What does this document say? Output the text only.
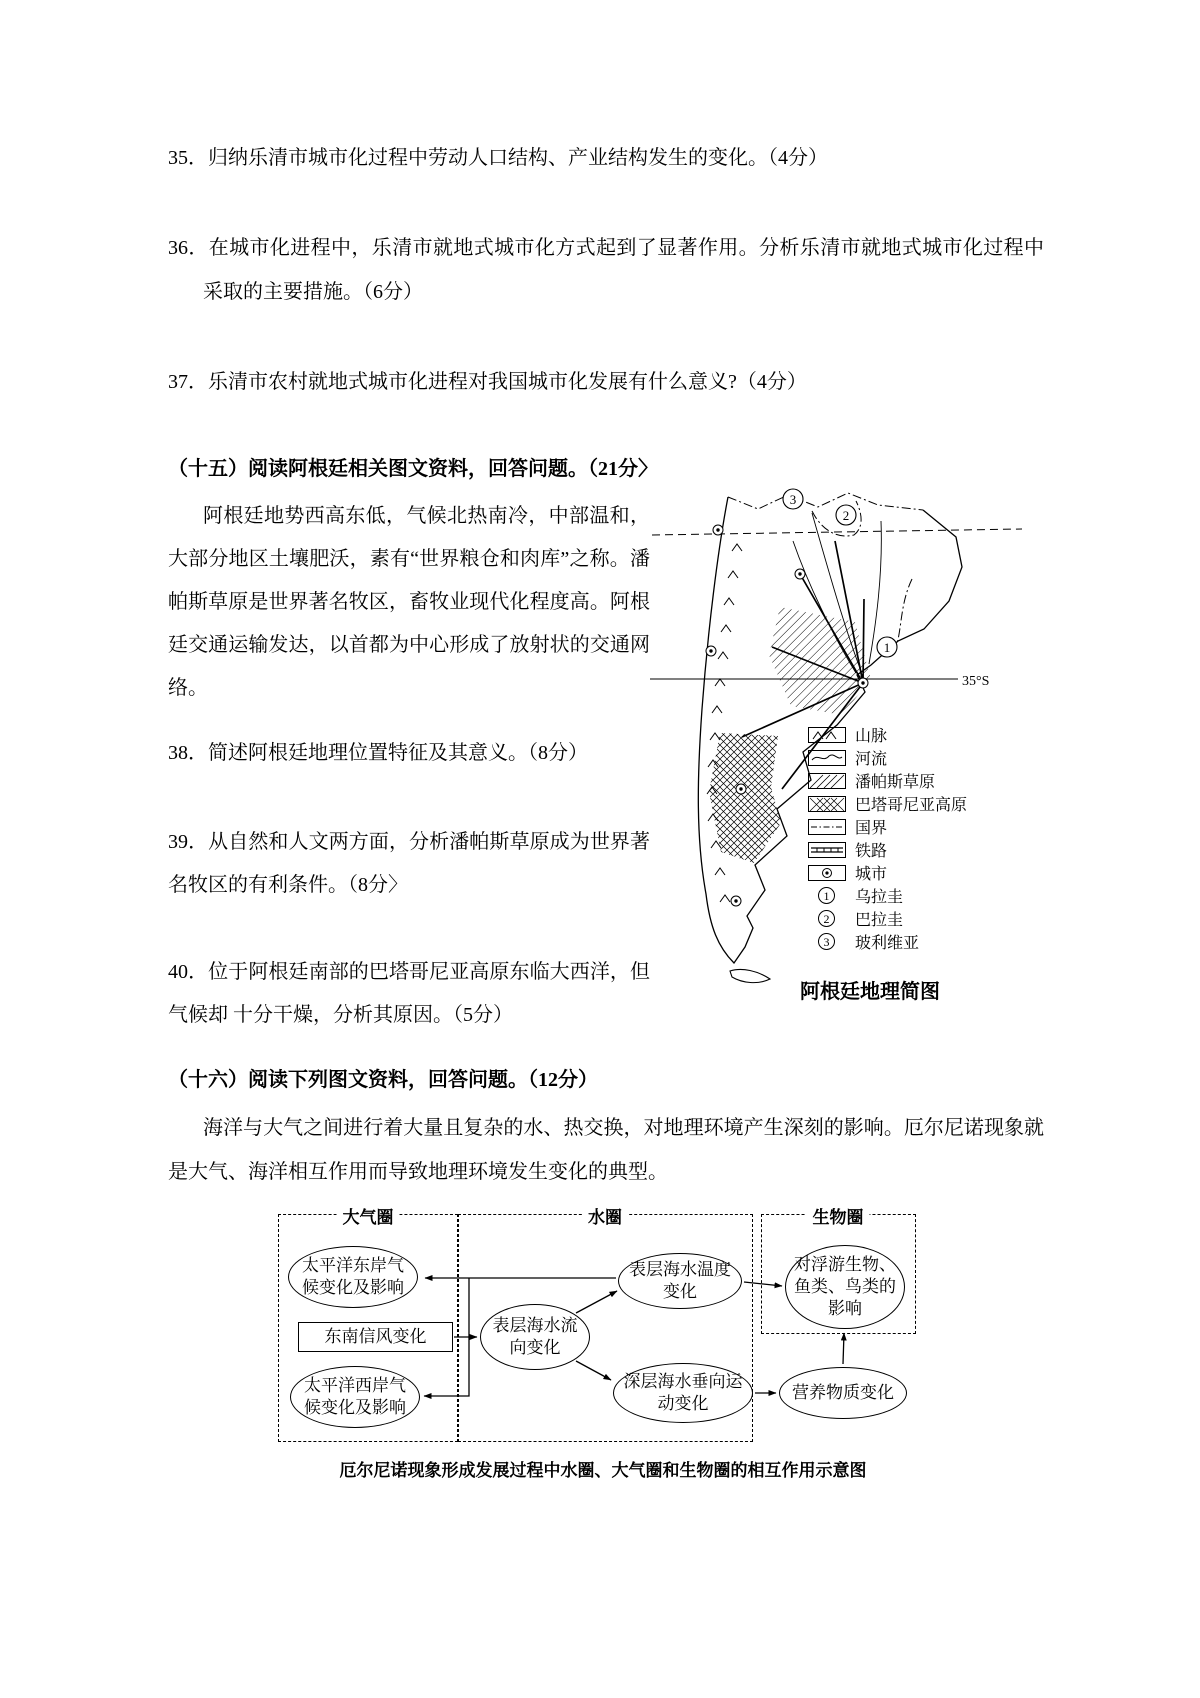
35．归纳乐清市城市化过程中劳动人口结构、产业结构发生的变化。（4分）

36．在城市化进程中，乐清市就地式城市化方式起到了显著作用。分析乐清市就地式城市化过程中采取的主要措施。（6分）

37．乐清市农村就地式城市化进程对我国城市化发展有什么意义?（4分）

（十五）阅读阿根廷相关图文资料，回答问题。（21分〉

阿根廷地势西高东低，气候北热南冷，中部温和，大部分地区土壤肥沃，素有“世界粮仓和肉库”之称。潘帕斯草原是世界著名牧区，畜牧业现代化程度高。阿根廷交通运输发达，以首都为中心形成了放射状的交通网络。

38．简述阿根廷地理位置特征及其意义。（8分）

39．从自然和人文两方面，分析潘帕斯草原成为世界著名牧区的有利条件。（8分〉

40．位于阿根廷南部的巴塔哥尼亚高原东临大西洋，但气候却 十分干燥，分析其原因。（5分）

35°S
1
2
3
山脉
河流
潘帕斯草原
巴塔哥尼亚高原
国界
铁路
城市
1	乌拉圭
2	巴拉圭
3	玻利维亚
阿根廷地理简图
（十六）阅读下列图文资料，回答问题。（12分）

海洋与大气之间进行着大量且复杂的水、热交换，对地理环境产生深刻的影响。厄尔尼诺现象就是大气、海洋相互作用而导致地理环境发生变化的典型。

大气圈	水圈	生物圈
太平洋东岸气候变化及影响
东南信风变化
太平洋西岸气候变化及影响
表层海水流向变化
表层海水温度变化
深层海水垂向运动变化
对浮游生物、鱼类、鸟类的影响
营养物质变化

厄尔尼诺现象形成发展过程中水圈、大气圈和生物圈的相互作用示意图
